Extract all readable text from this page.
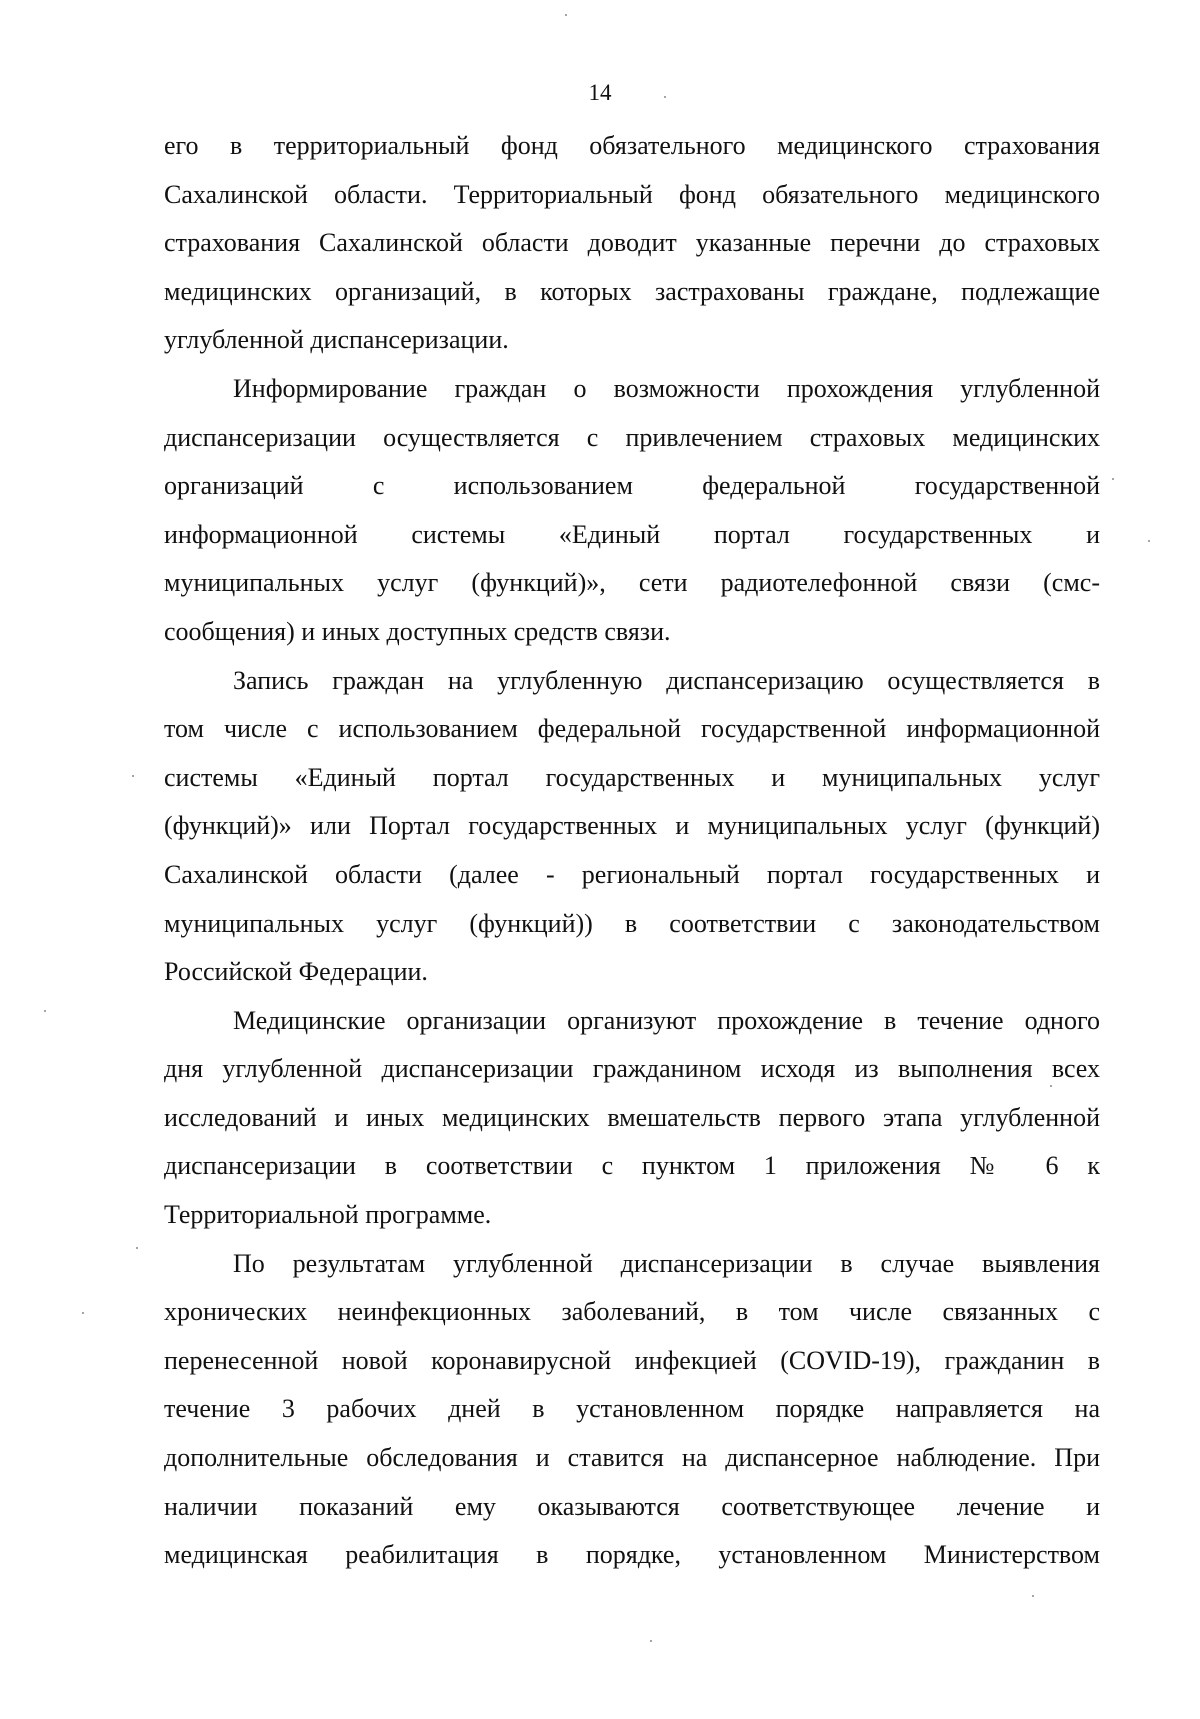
14
его в территориальный фонд обязательного медицинского страхования
Сахалинской области. Территориальный фонд обязательного медицинского
страхования Сахалинской области доводит указанные перечни до страховых
медицинских организаций, в которых застрахованы граждане, подлежащие
углубленной диспансеризации.
Информирование граждан о возможности прохождения углубленной
диспансеризации осуществляется с привлечением страховых медицинских
организаций с использованием федеральной государственной
информационной системы «Единый портал государственных и
муниципальных услуг (функций)», сети радиотелефонной связи (смс-
сообщения) и иных доступных средств связи.
Запись граждан на углубленную диспансеризацию осуществляется в
том числе с использованием федеральной государственной информационной
системы «Единый портал государственных и муниципальных услуг
(функций)» или Портал государственных и муниципальных услуг (функций)
Сахалинской области (далее - региональный портал государственных и
муниципальных услуг (функций)) в соответствии с законодательством
Российской Федерации.
Медицинские организации организуют прохождение в течение одного
дня углубленной диспансеризации гражданином исходя из выполнения всех
исследований и иных медицинских вмешательств первого этапа углубленной
диспансеризации в соответствии с пунктом 1 приложения № 6 к
Территориальной программе.
По результатам углубленной диспансеризации в случае выявления
хронических неинфекционных заболеваний, в том числе связанных с
перенесенной новой коронавирусной инфекцией (COVID-19), гражданин в
течение 3 рабочих дней в установленном порядке направляется на
дополнительные обследования и ставится на диспансерное наблюдение. При
наличии показаний ему оказываются соответствующее лечение и
медицинская реабилитация в порядке, установленном Министерством
